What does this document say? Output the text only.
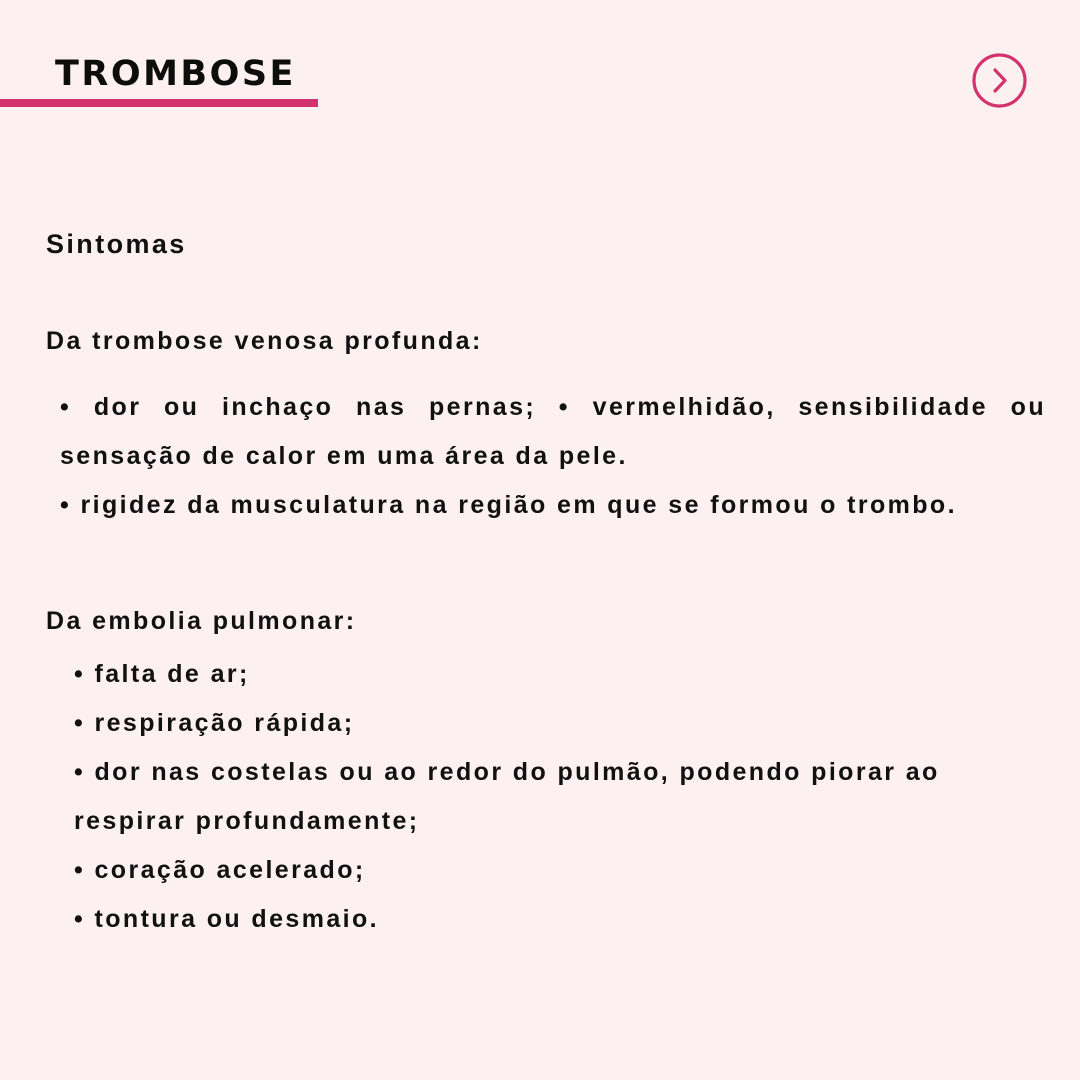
TROMBOSE
Sintomas
Da trombose venosa profunda:

• dor ou inchaço nas pernas; • vermelhidão, sensibilidade ou sensação de calor em uma área da pele.

• rigidez da musculatura na região em que se formou o trombo.

Da embolia pulmonar:
• falta de ar;
• respiração rápida;
• dor nas costelas ou ao redor do pulmão, podendo piorar ao respirar profundamente;
• coração acelerado;
• tontura ou desmaio.
